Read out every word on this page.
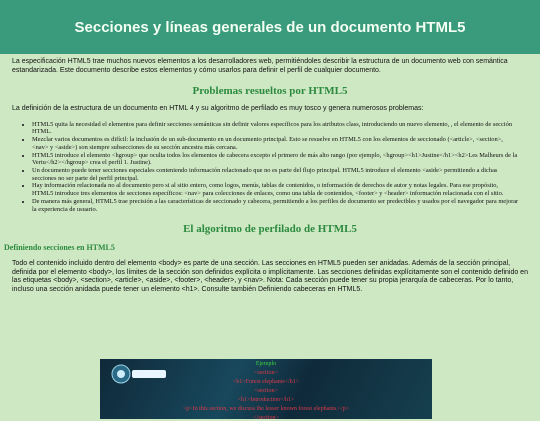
Secciones y líneas generales de un documento HTML5

La especificación HTML5 trae muchos nuevos elementos a los desarrolladores web, permitiéndoles describir la estructura de un documento web con semántica estandarizada. Este documento describe estos elementos y cómo usarlos para definir el perfil de cualquier documento.

Problemas resueltos por HTML5

La definición de la estructura de un documento en HTML 4 y su algoritmo de perfilado es muy tosco y genera numerosos problemas:

• HTML5 quita la necesidad el elementos para definir secciones semánticas sin definir valores específicos para los atributos class, introduciendo un nuevo elemento, , el elemento de sección HTML.
• Mezclar varios documentos es difícil: la inclusión de un sub-documento en un documento principal. Esto se resuelve en HTML5 con los elementos de seccionado (<article>, <section>, <nav> y <aside>) son siempre subsecciones de su sección ancestra más cercana.
• HTML5 introduce el elemento <hgroup> que oculta todos los elementos de cabecera excepto el primero de más alto rango (por ejemplo, <hgroup><h1>Justine</h1><h2>Les Malheurs de la Vertu</h2></hgroup> crea el perfil 1. Justine).
• Un documento puede tener secciones especiales conteniendo información relacionado que no es parte del flujo principal. HTML5 introduce el elemento <aside> permitiendo a dichas secciones no ser parte del perfil principal.
• Hay información relacionada no al documento pero si al sitio entero, como logos, menús, tablas de contenidos, o información de derechos de autor y notas legales. Para ese propósito, HTML5 introduce tres elementos de secciones específicos: <nav> para colecciones de enlaces, como una tabla de contenidos, <footer> y <header> información relacionada con el sitio.
• De manera más general, HTML5 trae precisión a las características de seccionado y cabecera, permitiendo a los perfiles de documento ser predecibles y usados por el navegador para mejorar la experiencia de usuario.
El algoritmo de perfilado de HTML5
Definiendo secciones en HTML5

Todo el contenido incluido dentro del elemento <body> es parte de una sección. Las secciones en HTML5 pueden ser anidadas. Además de la sección principal, definida por el elemento <body>, los límites de la sección son definidos explícita o implícitamente. Las secciones definidas explícitamente son el contenido definido en las etiquetas <body>, <section>, <article>, <aside>, <footer>, <header>, y <nav>. Nota: Cada sección puede tener su propia jerarquía de cabeceras. Por lo tanto, incluso una sección anidada puede tener un elemento <h1>. Consulte también Definiendo cabeceras en HTML5.

Ejemplo
<section>
<h1>Forest elephants</h1>
<section>
<h1>Introduction</h1>
<p>In this section, we discuss the lesser known forest elephants.</p>
</section>
